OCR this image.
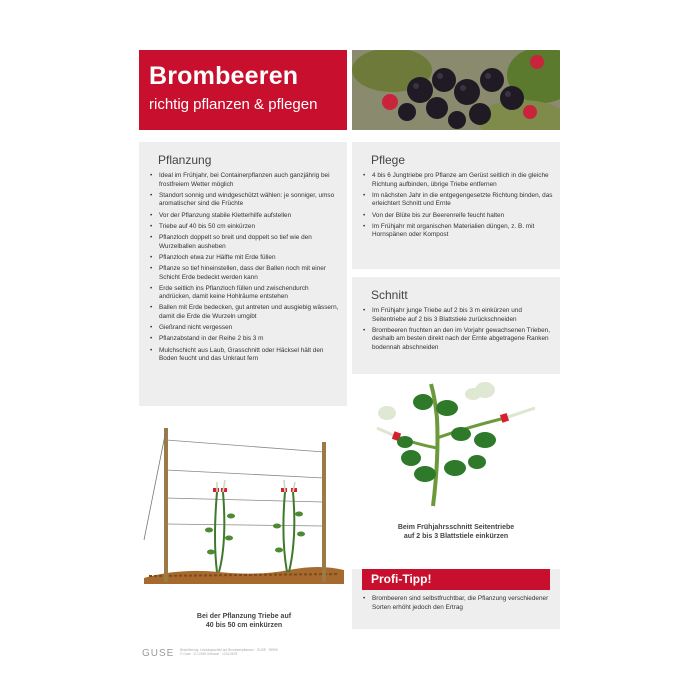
Brombeeren
richtig pflanzen & pflegen
Pflanzung
• Ideal im Frühjahr, bei Containerpflanzen auch ganzjährig bei frostfreiem Wetter möglich
• Standort sonnig und windgeschützt wählen: je sonniger, umso aromatischer sind die Früchte
• Vor der Pflanzung stabile Kletterhilfe aufstellen
• Triebe auf 40 bis 50 cm einkürzen
• Pflanzloch doppelt so breit und doppelt so tief wie den Wurzelballen ausheben
• Pflanzloch etwa zur Hälfte mit Erde füllen
• Pflanze so tief hineinstellen, dass der Ballen noch mit einer Schicht Erde bedeckt werden kann
• Erde seitlich ins Pflanzloch füllen und zwischendurch andrücken, damit keine Hohlräume entstehen
• Ballen mit Erde bedecken, gut antreten und ausgiebig wässern, damit die Erde die Wurzeln umgibt
• Gießrand nicht vergessen
• Pflanzabstand in der Reihe 2 bis 3 m
• Mulchschicht aus Laub, Grasschnitt oder Häcksel hält den Boden feucht und das Unkraut fern
Pflege
• 4 bis 6 Jungtriebe pro Pflanze am Gerüst seitlich in die gleiche Richtung aufbinden, übrige Triebe entfernen
• Im nächsten Jahr in die entgegengesetzte Richtung binden, das erleichtert Schnitt und Ernte
• Von der Blüte bis zur Beerenreife feucht halten
• Im Frühjahr mit organischen Materialien düngen, z. B. mit Hornspänen oder Kompost
Schnitt
• Im Frühjahr junge Triebe auf 2 bis 3 m einkürzen und Seitentriebe auf 2 bis 3 Blattstiele zurückschneiden
• Brombeeren fruchten an den im Vorjahr gewachsenen Trieben, deshalb am besten direkt nach der Ernte abgetragene Ranken bodennah abschneiden
Bei der Pflanzung Triebe auf
40 bis 50 cm einkürzen
Beim Frühjahrsschnitt Seitentriebe
auf 2 bis 3 Blattstiele einkürzen
• Brombeeren sind selbstfruchtbar, die Pflanzung verschiedener Sorten erhöht jedoch den Ertrag
Profi-Tipp!
GUSE Bestellbezug: Leistungsschild auf Brombeerpflanzen · GUSE · 99999
© Guse · D-12345 Ortname · 1234-5678
